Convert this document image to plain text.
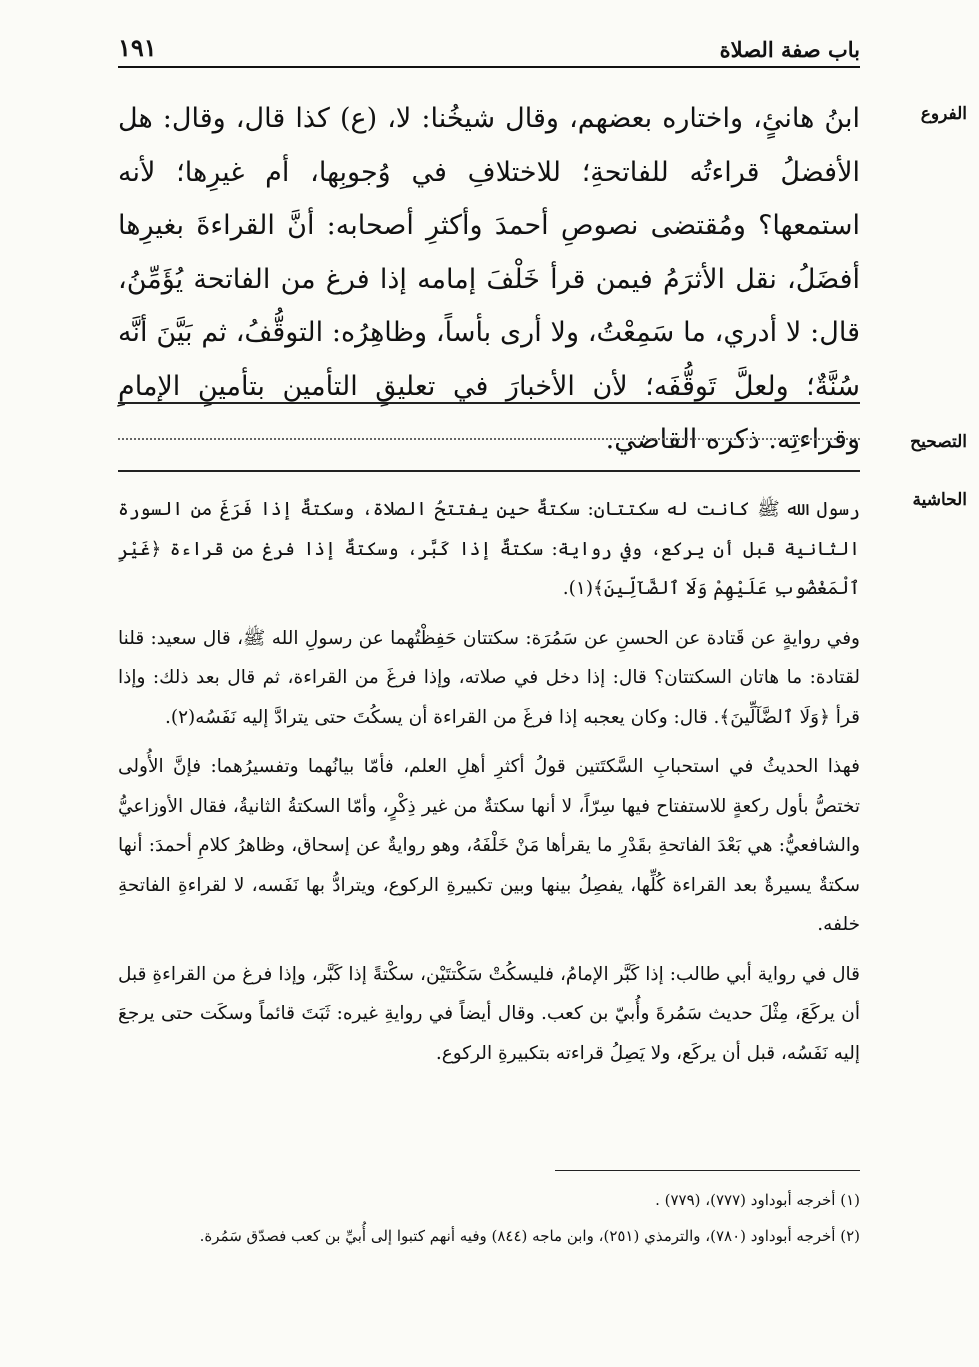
باب صفة الصلاة
١٩١
الفروع
ابنُ هانئٍ، واختاره بعضهم، وقال شيخُنا: لا، (ع) كذا قال، وقال: هل الأفضلُ قراءتُه للفاتحةِ؛ للاختلافِ في وُجوبِها، أم غيرِها؛ لأنه استمعها؟ ومُقتضى نصوصِ أحمدَ وأكثرِ أصحابه: أنَّ القراءةَ بغيرِها أفضَلُ، نقل الأثرَمُ فيمن قرأ خَلْفَ إمامه إذا فرغ من الفاتحة يُؤَمِّنُ، قال: لا أدري، ما سَمِعْتُ، ولا أرى بأساً، وظاهِرُه: التوقُّفُ، ثم بَيَّنَ أنَّه سُنَّةٌ؛ ولعلَّ تَوقُّفَه؛ لأن الأخبارَ في تعليقِ التأمين بتأمينِ الإمامِ وقراءتِه. ذكره القاضي.	التصحيح
الحاشية

رسول الله ﷺ كانت له سكتتان: سكتةٌ حين يفتتحُ الصلاة، وسكتةٌ إذا فَرَغَ من السورة الثانية قبل أن يركع، وفي رواية: سكتةٌ إذا كَبَّر، وسكتةٌ إذا فرغ من قراءة ﴿غَيْرِ ٱلْمَغْضُوبِ عَلَيْهِمْ وَلَا ٱلضَّآلِّينَ﴾(١).

وفي روايةٍ عن قَتادة عن الحسنِ عن سَمُرَة: سكتتان حَفِظْتُهما عن رسولِ الله ﷺ، قال سعيد: قلنا لقتادة: ما هاتان السكتتان؟ قال: إذا دخل في صلاته، وإذا فرغَ من القراءة، ثم قال بعد ذلك: وإذا قرأ ﴿وَلَا ٱلضَّآلِّينَ﴾. قال: وكان يعجبه إذا فرغَ من القراءة أن يسكُتَ حتى يترادَّ إليه نَفَسُه(٢).

فهذا الحديثُ في استحبابِ السَّكتَتين قولُ أكثرِ أهلِ العلم، فأمّا بيانُهما وتفسيرُهما: فإنَّ الأُولى تختصُّ بأول ركعةٍ للاستفتاح فيها سِرّاً، لا أنها سكتةٌ من غير ذِكْرٍ، وأمّا السكتةُ الثانيةُ، فقال الأوزاعيُّ والشافعيُّ: هي بَعْدَ الفاتحةِ بقَدْرِ ما يقرأها مَنْ خَلْفَهُ، وهو روايةٌ عن إسحاق، وظاهرُ كلامِ أحمدَ: أنها سكتةٌ يسيرةٌ بعد القراءة كُلِّها، يفصِلُ بينها وبين تكبيرةِ الركوع، ويترادُّ بها نَفَسه، لا لقراءةِ الفاتحةِ خلفه.

قال في رواية أبي طالب: إذا كَبَّر الإمامُ، فليسكُتْ سَكْتتَيْن، سكْتةً إذا كَبَّر، وإذا فرغ من القراءةِ قبل أن يركَعَ، مِثْلَ حديث سَمُرةَ وأُبيّ بن كعب. وقال أيضاً في روايةِ غيره: ثَبَتَ قائماً وسكَت حتى يرجعَ إليه نَفَسُه، قبل أن يركَع، ولا يَصِلُ قراءته بتكبيرةِ الركوع.

(١) أخرجه أبوداود (٧٧٧)، (٧٧٩) .
(٢) أخرجه أبوداود (٧٨٠)، والترمذي (٢٥١)، وابن ماجه (٨٤٤) وفيه أنهم كتبوا إلى أُبيِّ بن كعب فصدّق سَمُرة.
